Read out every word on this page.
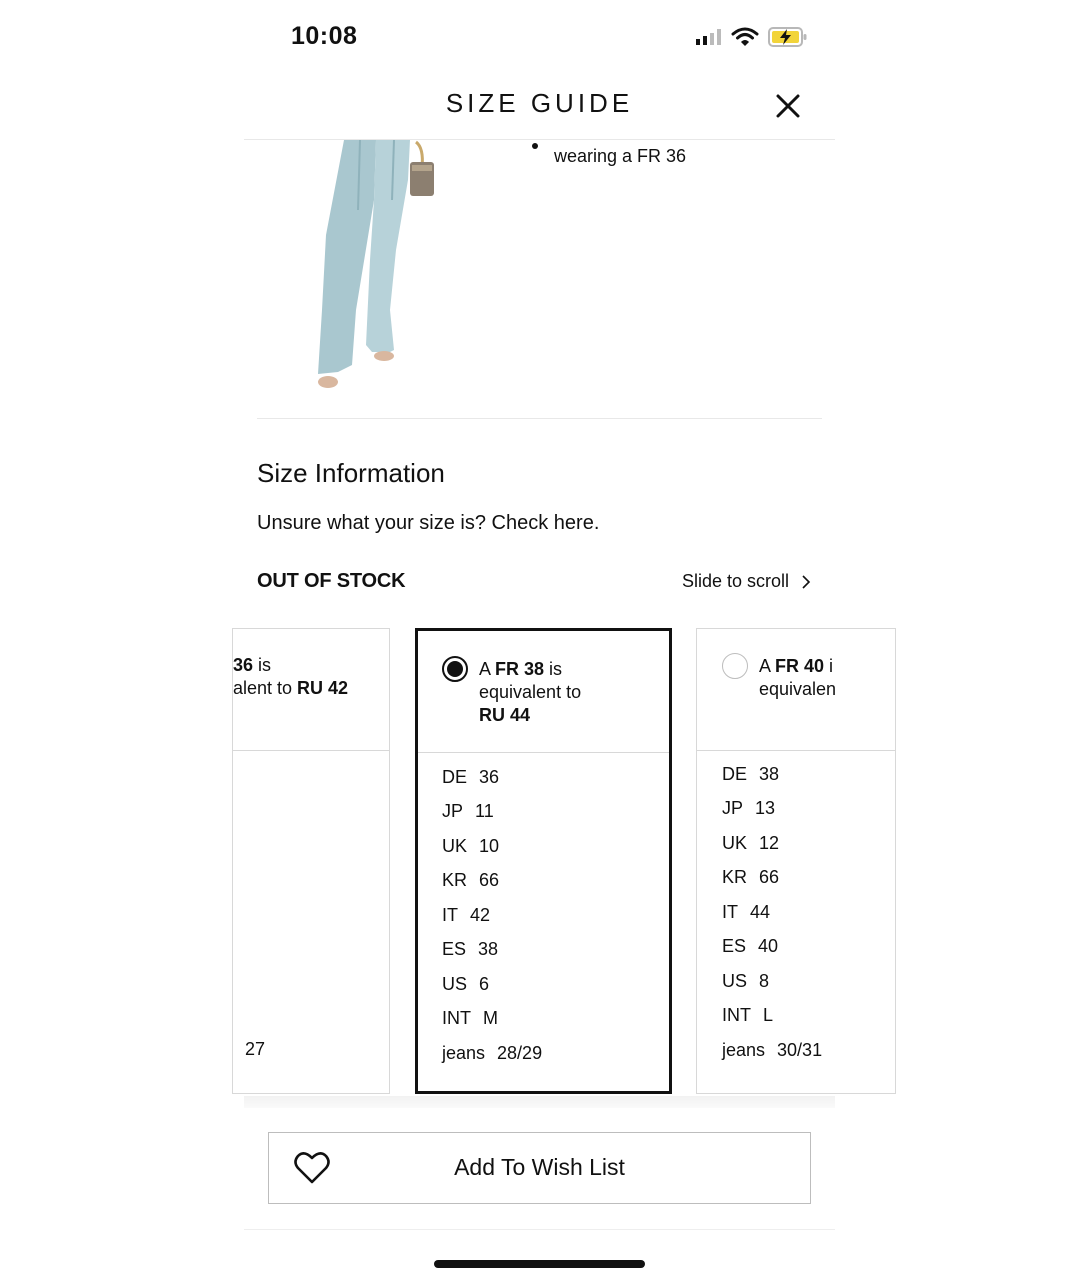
10:08
SIZE GUIDE
wearing a FR 36
Size Information
Unsure what your size is? Check here.
OUT OF STOCK	Slide to scroll
36 is
alent to RU 42
27
A FR 38 is
equivalent to
RU 44
DE 36
JP 11
UK 10
KR 66
IT 42
ES 38
US 6
INT M
jeans 28/29
A FR 40 i
equivalen
DE 38
JP 13
UK 12
KR 66
IT 44
ES 40
US 8
INT L
jeans 30/31
Add To Wish List
